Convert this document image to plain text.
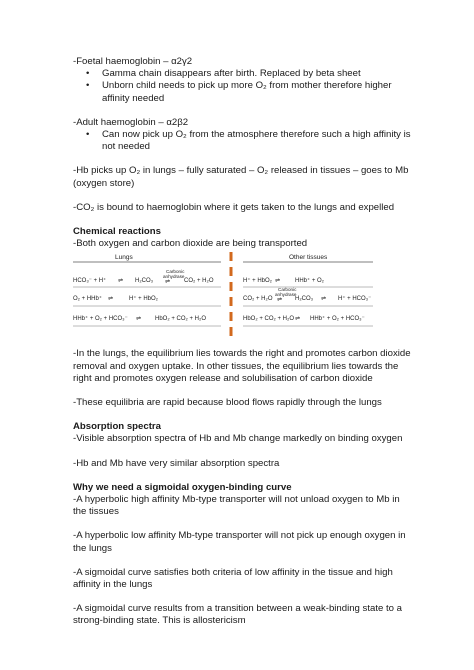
-Foetal haemoglobin – α2γ2

• Gamma chain disappears after birth. Replaced by beta sheet
• Unborn child needs to pick up more O₂ from mother therefore higher affinity needed

-Adult haemoglobin – α2β2

• Can now pick up O₂ from the atmosphere therefore such a high affinity is not needed

-Hb picks up O₂ in lungs – fully saturated – O₂ released in tissues – goes to Mb (oxygen store)

-CO₂ is bound to haemoglobin where it gets taken to the lungs and expelled

Chemical reactions

-Both oxygen and carbon dioxide are being transported

Lungs	Other tissues
HCO₃⁻ + H⁺ ⇌ H₂CO₃
Carbonic
anhydrase
⇌ CO₂ + H₂O
O₂ + HHb⁺ ⇌	H⁺ + HbO₂
HHb⁺ + O₂ + HCO₃⁻ ⇌ HbO₂ + CO₂ + H₂O
H⁺ + HbO₂ ⇌ HHb⁺ + O₂
CO₂ + H₂O
Carbonic
anhydrase
⇌ H₂CO₃ ⇌ H⁺ + HCO₃⁻
HbO₂ + CO₂ + H₂O ⇌ HHb⁺ + O₂ + HCO₃⁻

-In the lungs, the equilibrium lies towards the right and promotes carbon dioxide removal and oxygen uptake. In other tissues, the equilibrium lies towards the right and promotes oxygen release and solubilisation of carbon dioxide

-These equilibria are rapid because blood flows rapidly through the lungs

Absorption spectra

-Visible absorption spectra of Hb and Mb change markedly on binding oxygen

-Hb and Mb have very similar absorption spectra

Why we need a sigmoidal oxygen-binding curve

-A hyperbolic high affinity Mb-type transporter will not unload oxygen to Mb in the tissues

-A hyperbolic low affinity Mb-type transporter will not pick up enough oxygen in the lungs

-A sigmoidal curve satisfies both criteria of low affinity in the tissue and high affinity in the lungs

-A sigmoidal curve results from a transition between a weak-binding state to a strong-binding state. This is allostericism
